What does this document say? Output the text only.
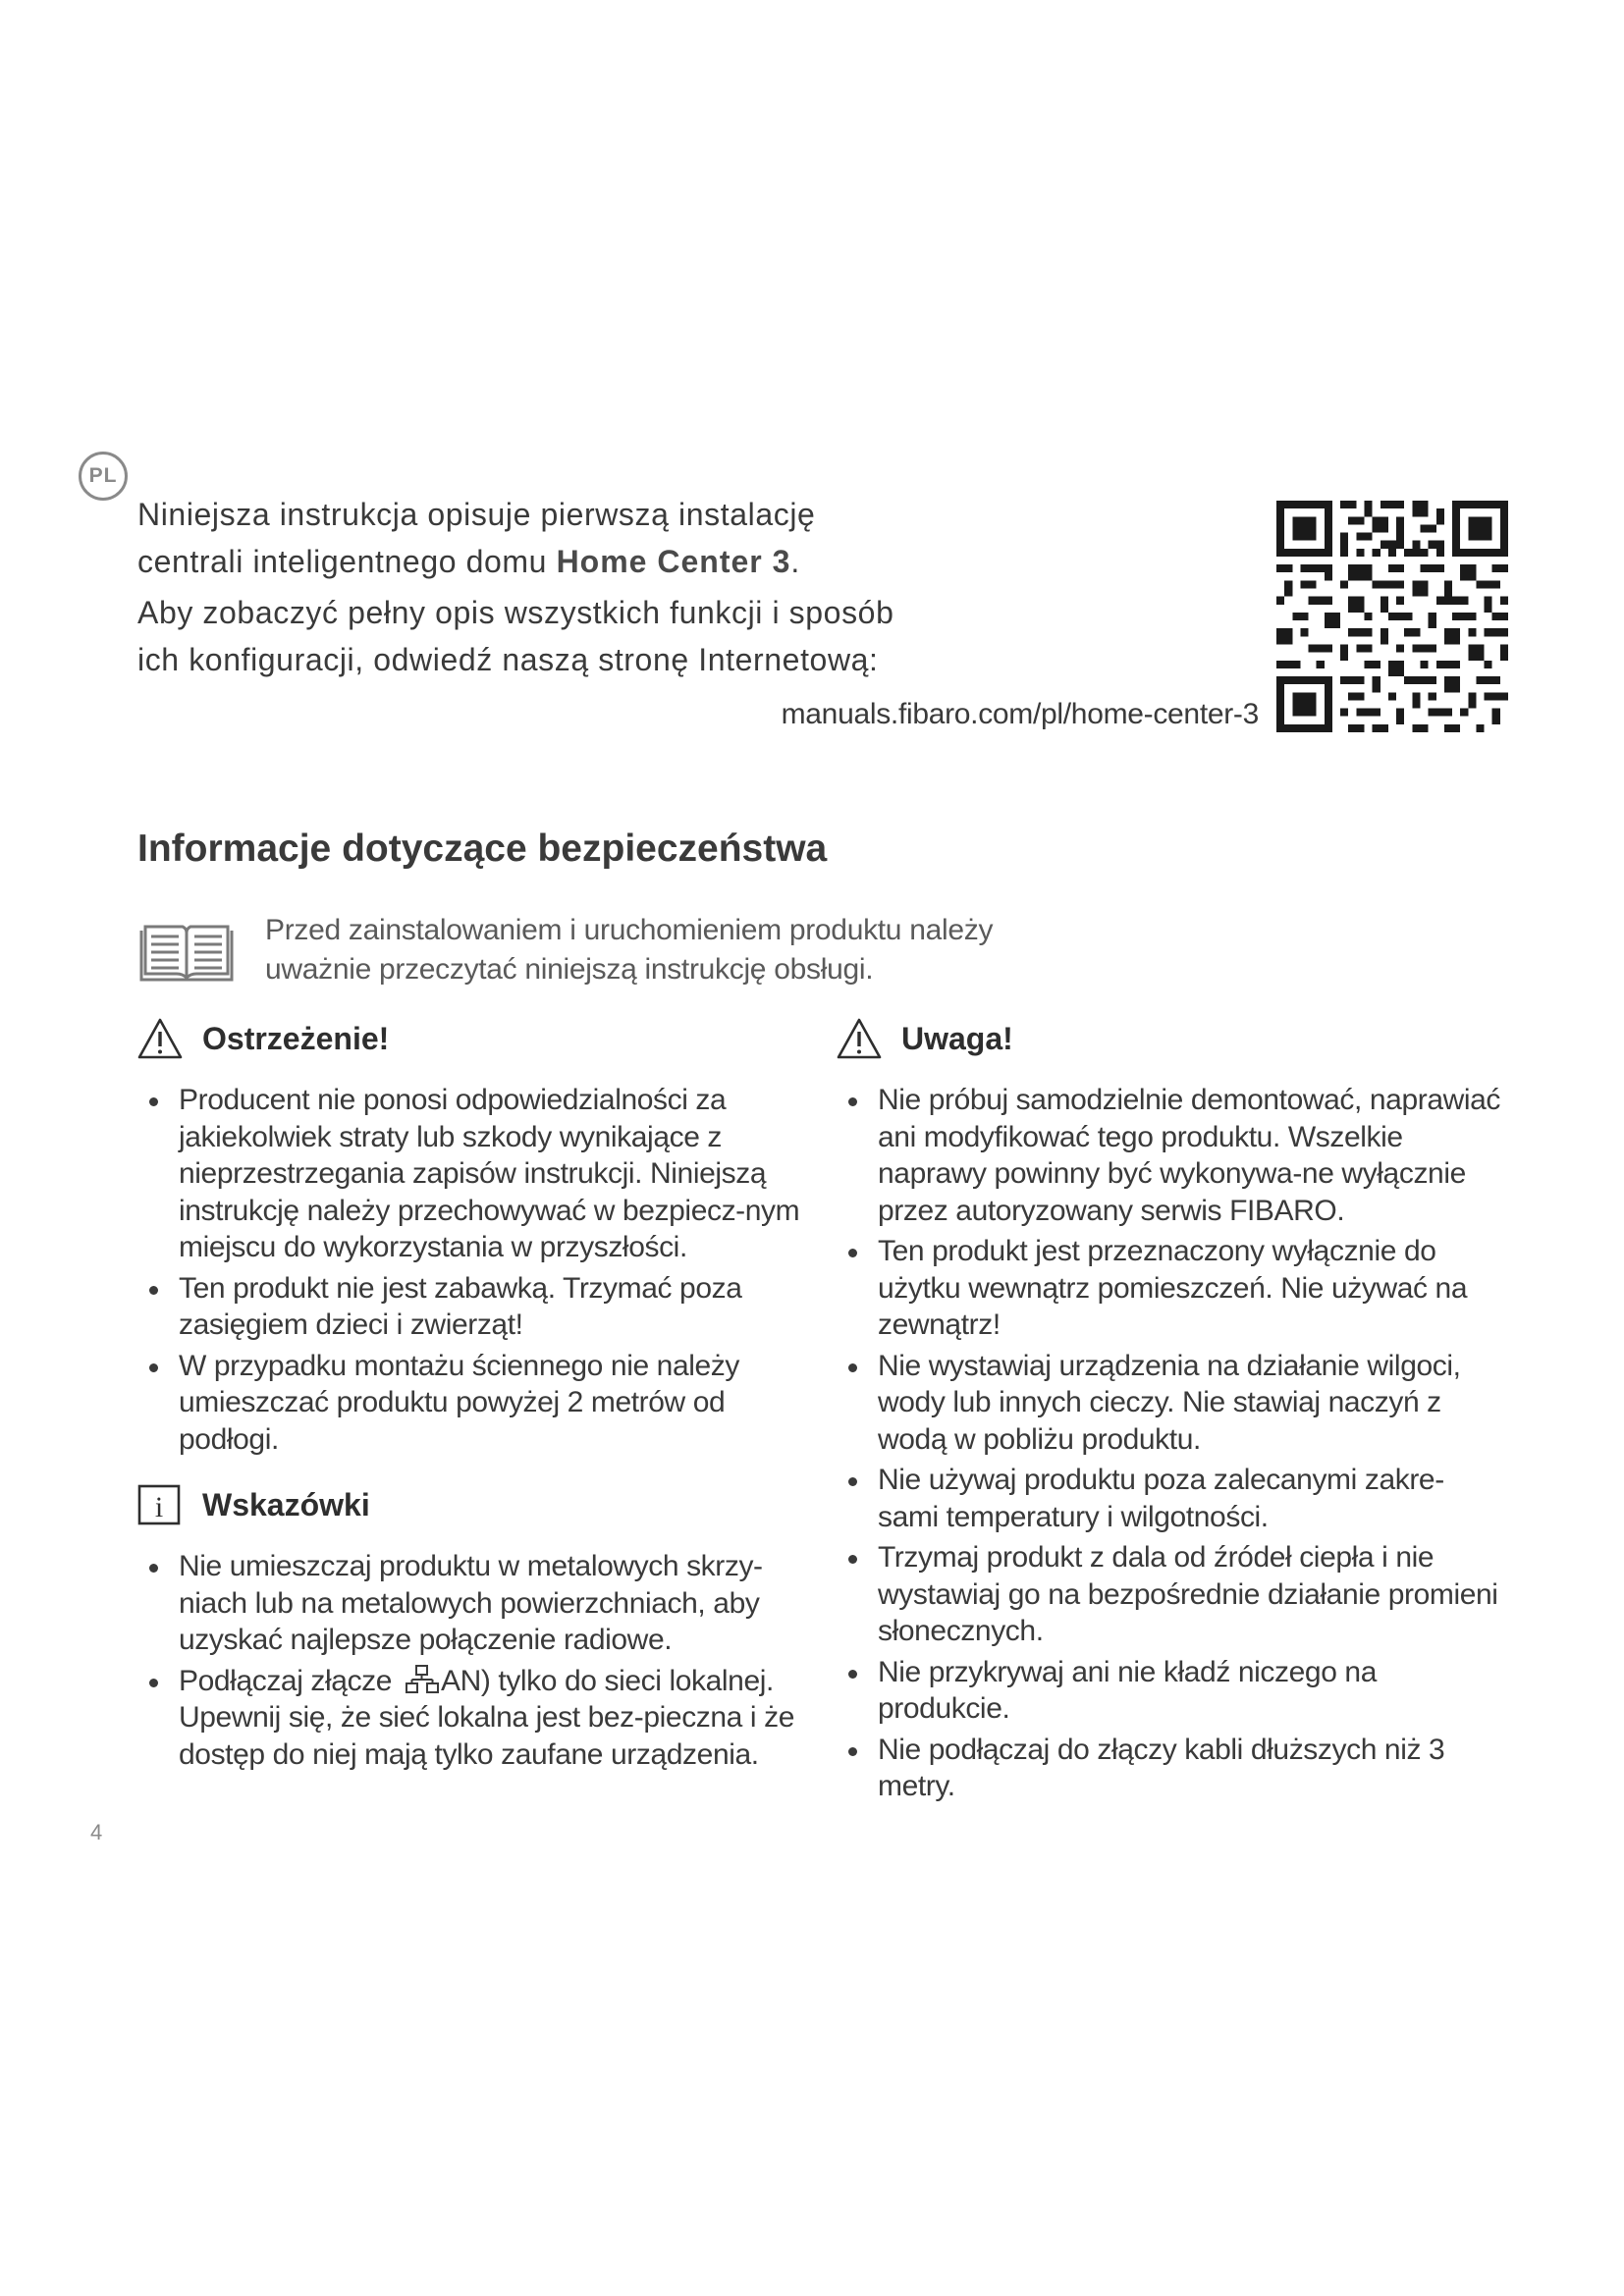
PL

Niniejsza instrukcja opisuje pierwszą instalację
centrali inteligentnego domu Home Center 3.

Aby zobaczyć pełny opis wszystkich funkcji i sposób ich konfiguracji, odwiedź naszą stronę Internetową:

manuals.fibaro.com/pl/home-center-3
Informacje dotyczące bezpieczeństwa
Przed zainstalowaniem i uruchomieniem produktu należy uważnie przeczytać niniejszą instrukcję obsługi.
Ostrzeżenie!
Producent nie ponosi odpowiedzialności za jakiekolwiek straty lub szkody wynikające z nieprzestrzegania zapisów instrukcji. Niniejszą instrukcję należy przechowywać w bezpiecz-nym miejscu do wykorzystania w przyszłości.
Ten produkt nie jest zabawką. Trzymać poza zasięgiem dzieci i zwierząt!
W przypadku montażu ściennego nie należy umieszczać produktu powyżej 2 metrów od podłogi.
i Wskazówki
Nie umieszczaj produktu w metalowych skrzy-niach lub na metalowych powierzchniach, aby uzyskać najlepsze połączenie radiowe.
Podłączaj złącze
AN) tylko do sieci lokalnej. Upewnij się, że sieć lokalna jest bez-pieczna i że dostęp do niej mają tylko zaufane urządzenia.
Uwaga!
Nie próbuj samodzielnie demontować, naprawiać ani modyfikować tego produktu. Wszelkie naprawy powinny być wykonywa-ne wyłącznie przez autoryzowany serwis FIBARO.
Ten produkt jest przeznaczony wyłącznie do użytku wewnątrz pomieszczeń. Nie używać na zewnątrz!
Nie wystawiaj urządzenia na działanie wilgoci, wody lub innych cieczy. Nie stawiaj naczyń z wodą w pobliżu produktu.
Nie używaj produktu poza zalecanymi zakre-sami temperatury i wilgotności.
Trzymaj produkt z dala od źródeł ciepła i nie wystawiaj go na bezpośrednie działanie promieni słonecznych.
Nie przykrywaj ani nie kładź niczego na produkcie.
Nie podłączaj do złączy kabli dłuższych niż 3 metry.
4
